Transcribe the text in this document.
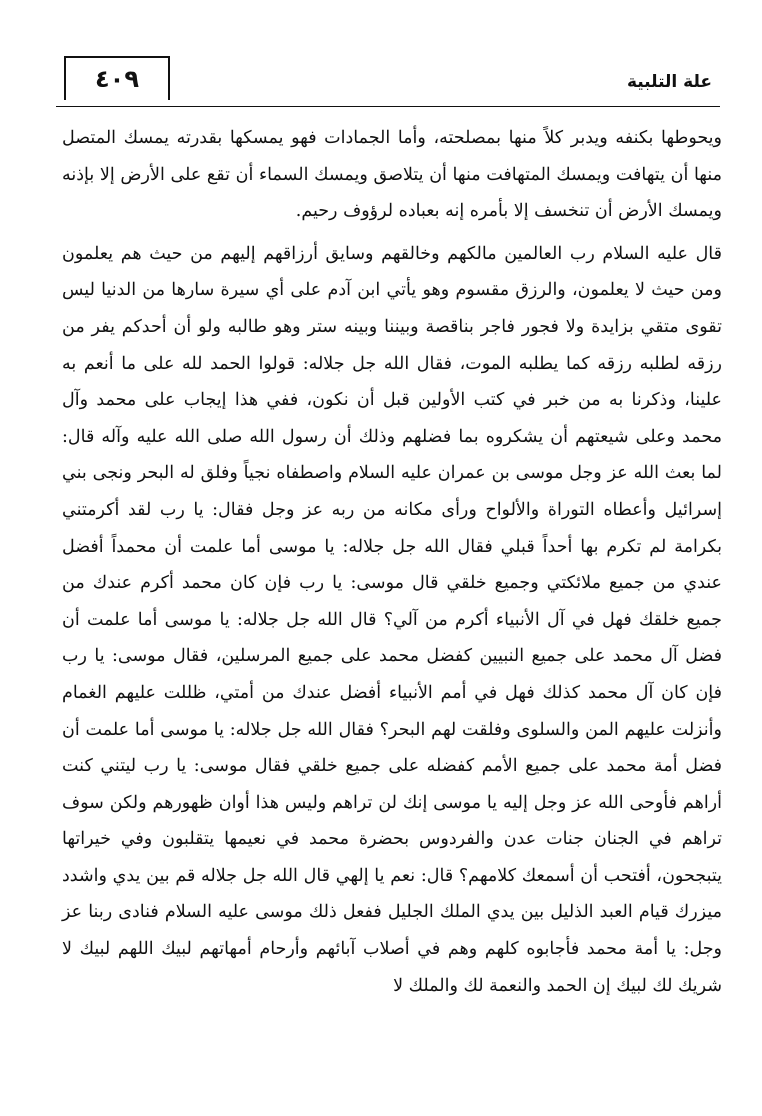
علة التلبية
٤٠٩

ويحوطها بكنفه ويدبر كلاً منها بمصلحته، وأما الجمادات فهو يمسكها بقدرته يمسك المتصل منها أن يتهافت ويمسك المتهافت منها أن يتلاصق ويمسك السماء أن تقع على الأرض إلا بإذنه ويمسك الأرض أن تنخسف إلا بأمره إنه بعباده لرؤوف رحيم.

قال عليه السلام رب العالمين مالكهم وخالقهم وسايق أرزاقهم إليهم من حيث هم يعلمون ومن حيث لا يعلمون، والرزق مقسوم وهو يأتي ابن آدم على أي سيرة سارها من الدنيا ليس تقوى متقي بزايدة ولا فجور فاجر بناقصة وبيننا وبينه ستر وهو طالبه ولو أن أحدكم يفر من رزقه لطلبه رزقه كما يطلبه الموت، فقال الله جل جلاله: قولوا الحمد لله على ما أنعم به علينا، وذكرنا به من خبر في كتب الأولين قبل أن نكون، ففي هذا إيجاب على محمد وآل محمد وعلى شيعتهم أن يشكروه بما فضلهم وذلك أن رسول الله صلى الله عليه وآله قال: لما بعث الله عز وجل موسى بن عمران عليه السلام واصطفاه نجياً وفلق له البحر ونجى بني إسرائيل وأعطاه التوراة والألواح ورأى مكانه من ربه عز وجل فقال: يا رب لقد أكرمتني بكرامة لم تكرم بها أحداً قبلي فقال الله جل جلاله: يا موسى أما علمت أن محمداً أفضل عندي من جميع ملائكتي وجميع خلقي قال موسى: يا رب فإن كان محمد أكرم عندك من جميع خلقك فهل في آل الأنبياء أكرم من آلي؟ قال الله جل جلاله: يا موسى أما علمت أن فضل آل محمد على جميع النبيين كفضل محمد على جميع المرسلين، فقال موسى: يا رب فإن كان آل محمد كذلك فهل في أمم الأنبياء أفضل عندك من أمتي، ظللت عليهم الغمام وأنزلت عليهم المن والسلوى وفلقت لهم البحر؟ فقال الله جل جلاله: يا موسى أما علمت أن فضل أمة محمد على جميع الأمم كفضله على جميع خلقي فقال موسى: يا رب ليتني كنت أراهم فأوحى الله عز وجل إليه يا موسى إنك لن تراهم وليس هذا أوان ظهورهم ولكن سوف تراهم في الجنان جنات عدن والفردوس بحضرة محمد في نعيمها يتقلبون وفي خيراتها يتبجحون، أفتحب أن أسمعك كلامهم؟ قال: نعم يا إلهي قال الله جل جلاله قم بين يدي واشدد ميزرك قيام العبد الذليل بين يدي الملك الجليل ففعل ذلك موسى عليه السلام فنادى ربنا عز وجل: يا أمة محمد فأجابوه كلهم وهم في أصلاب آبائهم وأرحام أمهاتهم لبيك اللهم لبيك لا شريك لك لبيك إن الحمد والنعمة لك والملك لا
